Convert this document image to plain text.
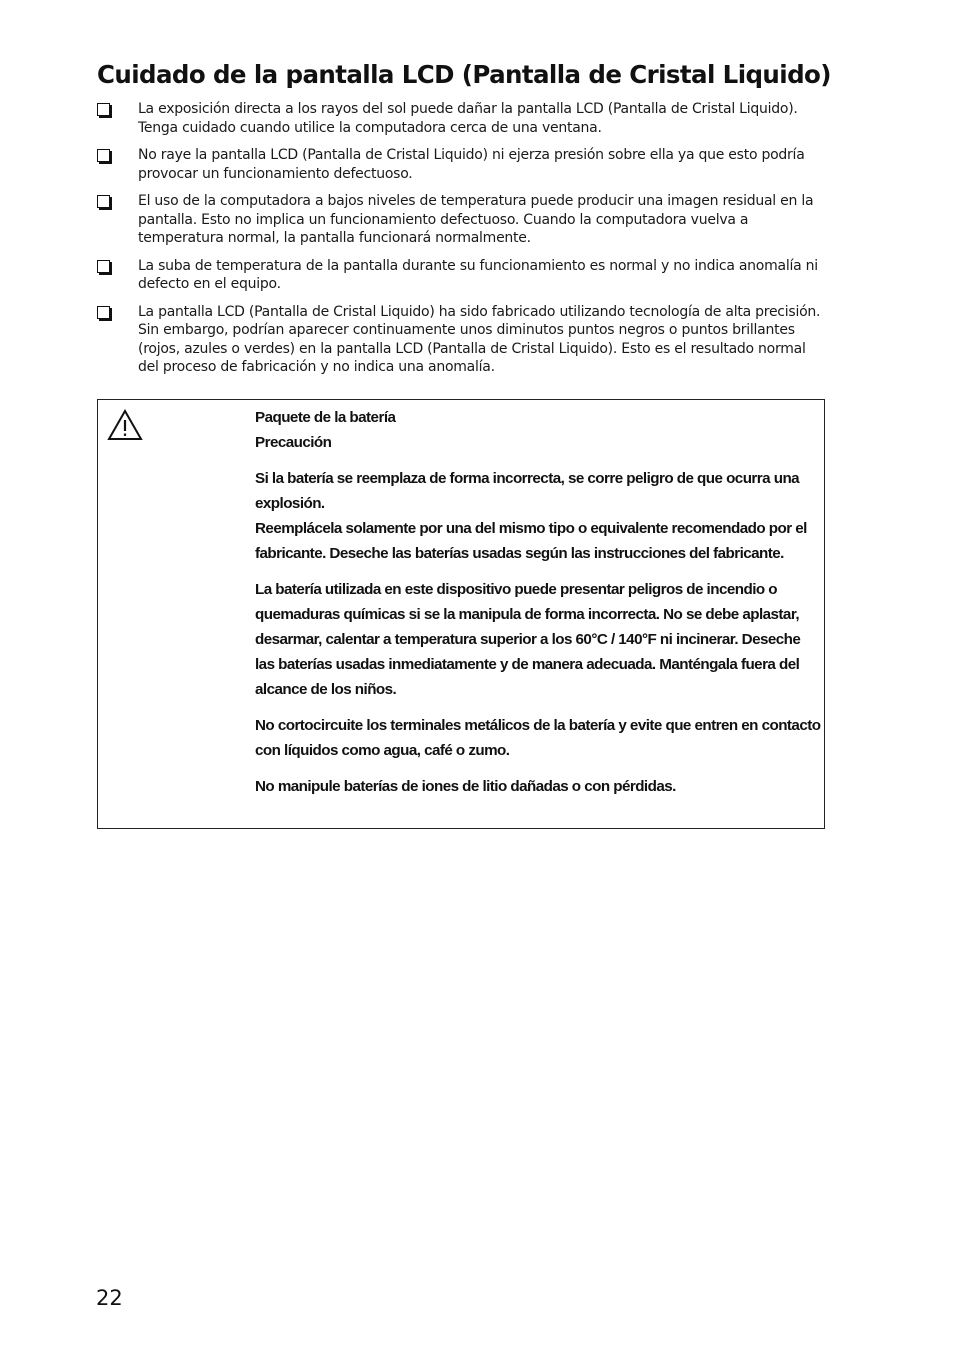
Cuidado de la pantalla LCD (Pantalla de Cristal Liquido)
La exposición directa a los rayos del sol puede dañar la pantalla LCD (Pantalla de Cristal Liquido). Tenga cuidado cuando utilice la computadora cerca de una ventana.
No raye la pantalla LCD (Pantalla de Cristal Liquido) ni ejerza presión sobre ella ya que esto podría provocar un funcionamiento defectuoso.
El uso de la computadora a bajos niveles de temperatura puede producir una imagen residual en la pantalla. Esto no implica un funcionamiento defectuoso. Cuando la computadora vuelva a temperatura normal, la pantalla funcionará normalmente.
La suba de temperatura de la pantalla durante su funcionamiento es normal y no indica anomalía ni defecto en el equipo.
La pantalla LCD (Pantalla de Cristal Liquido) ha sido fabricado utilizando tecnología de alta precisión. Sin embargo, podrían aparecer continuamente unos diminutos puntos negros o puntos brillantes (rojos, azules o verdes) en la pantalla LCD (Pantalla de Cristal Liquido). Esto es el resultado normal del proceso de fabricación y no indica una anomalía.

Paquete de la batería

Precaución

Si la batería se reemplaza de forma incorrecta, se corre peligro de que ocurra una explosión.

Reemplácela solamente por una del mismo tipo o equivalente recomendado por el fabricante. Deseche las baterías usadas según las instrucciones del fabricante.

La batería utilizada en este dispositivo puede presentar peligros de incendio o quemaduras químicas si se la manipula de forma incorrecta. No se debe aplastar, desarmar, calentar a temperatura superior a los 60°C / 140°F ni incinerar. Deseche las baterías usadas inmediatamente y de manera adecuada. Manténgala fuera del alcance de los niños.

No cortocircuite los terminales metálicos de la batería y evite que entren en contacto con líquidos como agua, café o zumo.

No manipule baterías de iones de litio dañadas o con pérdidas.

22
